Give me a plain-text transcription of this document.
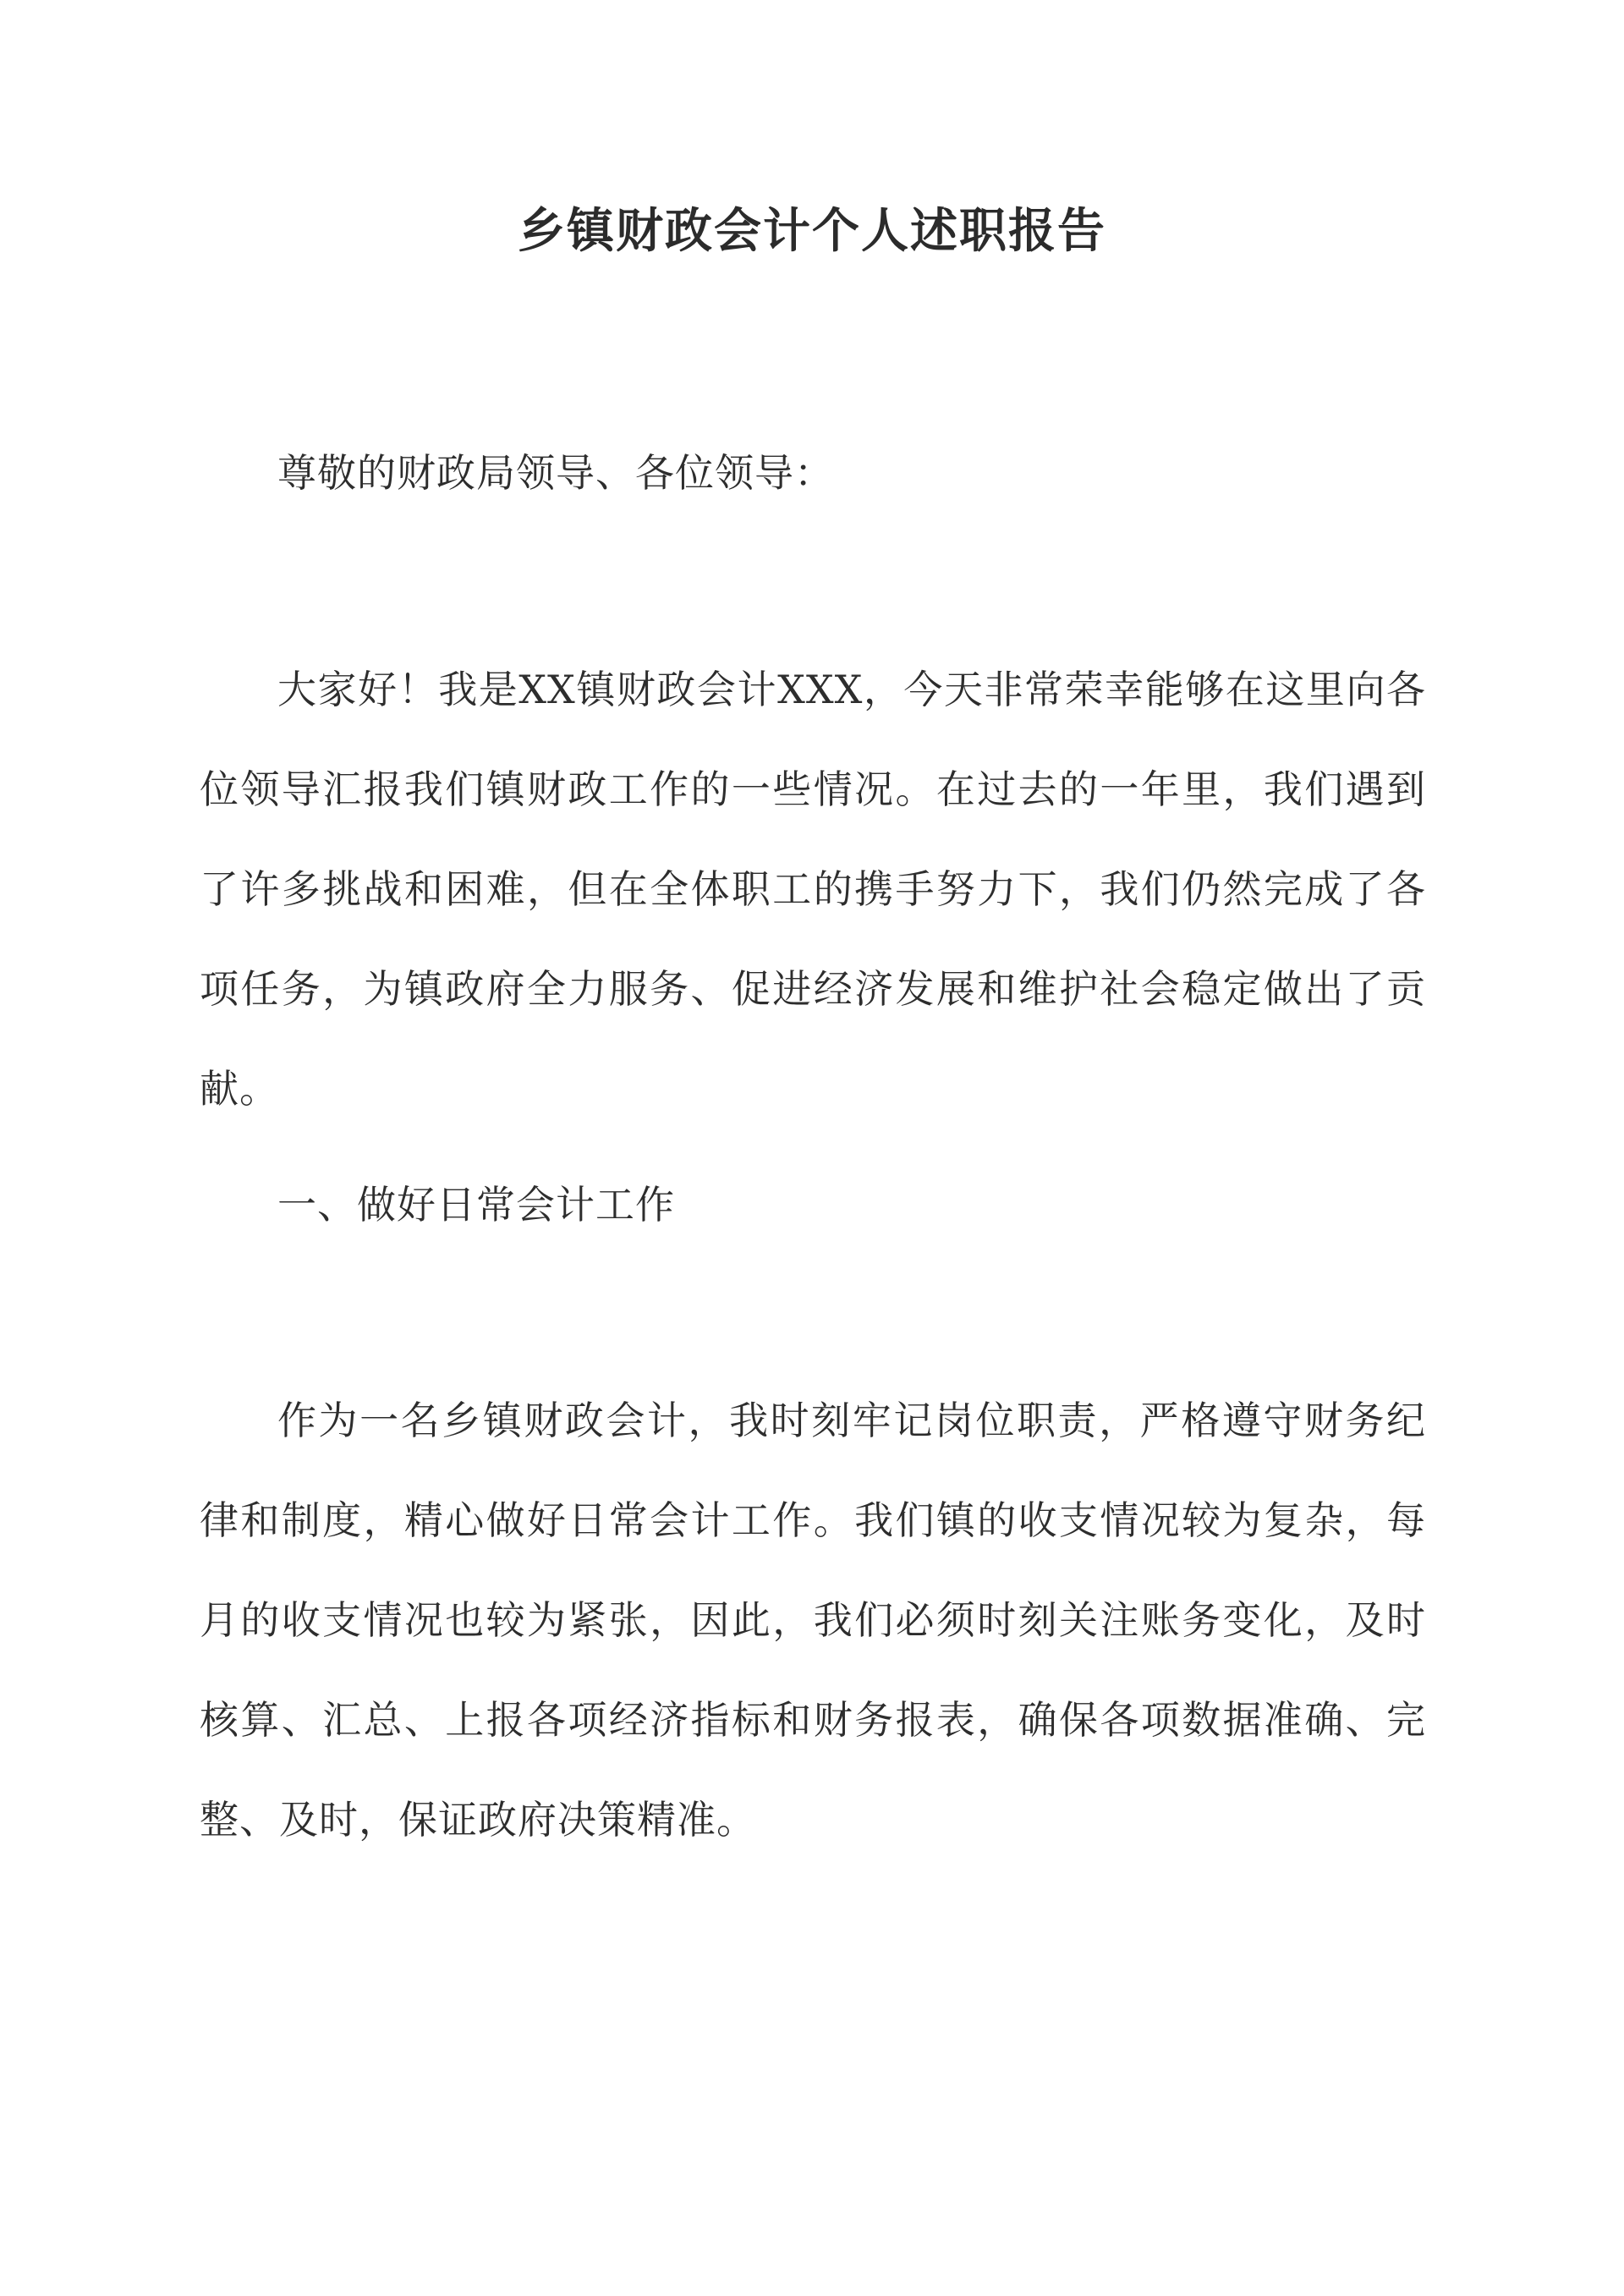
乡镇财政会计个人述职报告

尊敬的财政局领导、各位领导：

大家好！我是XX镇财政会计XXX，今天非常荣幸能够在这里向各位领导汇报我们镇财政工作的一些情况。在过去的一年里，我们遇到了许多挑战和困难，但在全体职工的携手努力下，我们仍然完成了各项任务，为镇政府全力服务、促进经济发展和维护社会稳定做出了贡献。

一、做好日常会计工作

作为一名乡镇财政会计，我时刻牢记岗位职责，严格遵守财务纪律和制度，精心做好日常会计工作。我们镇的收支情况较为复杂，每月的收支情况也较为紧张，因此，我们必须时刻关注账务变化，及时核算、汇总、上报各项经济指标和财务报表，确保各项数据准确、完整、及时，保证政府决策精准。
